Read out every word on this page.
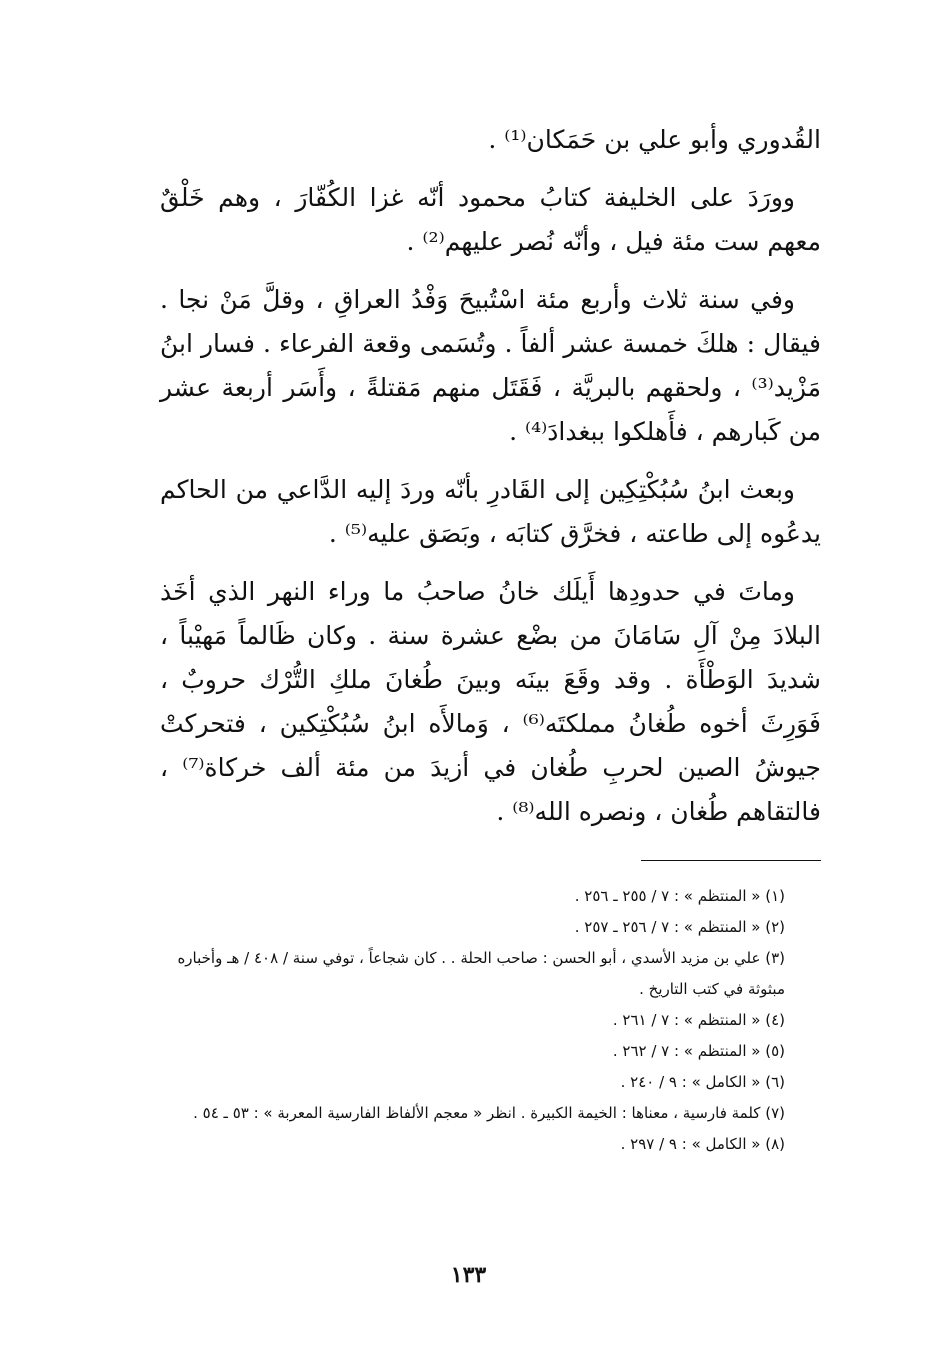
القُدوري وأبو علي بن حَمَكان⁽¹⁾ .

وورَدَ على الخليفة كتابُ محمود أنّه غزا الكُفّارَ ، وهم خَلْقٌ معهم ست مئة فيل ، وأنّه نُصر عليهم⁽²⁾ .

وفي سنة ثلاث وأربع مئة اسْتُبيحَ وَفْدُ العراقِ ، وقلَّ مَنْ نجا . فيقال : هلكَ خمسة عشر ألفاً . وتُسَمى وقعة الفرعاء . فسار ابنُ مَزْيد⁽³⁾ ، ولحقهم بالبريَّة ، فَقَتَل منهم مَقتلةً ، وأَسَر أربعة عشر من كَبارهم ، فأَهلكوا ببغدادَ⁽⁴⁾ .

وبعث ابنُ سُبُكْتِكِين إلى القَادرِ بأنّه وردَ إليه الدَّاعي من الحاكم يدعُوه إلى طاعته ، فخرَّق كتابَه ، وبَصَق عليه⁽⁵⁾ .

وماتَ في حدودِها أَيلَك خانُ صاحبُ ما وراء النهر الذي أخَذ البلادَ مِنْ آلِ سَامَانَ من بضْع عشرة سنة . وكان ظَالماً مَهيْباً ، شديدَ الوَطْأَة . وقد وقَعَ بينَه وبينَ طُغانَ ملكِ التُّرْك حروبٌ ، فَوَرِثَ أخوه طُغانُ مملكتَه⁽⁶⁾ ، وَمالأَه ابنُ سُبُكْتِكين ، فتحركتْ جيوشُ الصين لحربِ طُغان في أزيدَ من مئة ألف خركاة⁽⁷⁾ ، فالتقاهم طُغان ، ونصره الله⁽⁸⁾ .

(١) « المنتظم » : ٧ / ٢٥٥ ـ ٢٥٦ .
(٢) « المنتظم » : ٧ / ٢٥٦ ـ ٢٥٧ .
(٣) علي بن مزيد الأسدي ، أبو الحسن : صاحب الحلة . . كان شجاعاً ، توفي سنة / ٤٠٨ / هـ وأخباره مبثوثة في كتب التاريخ .
(٤) « المنتظم » : ٧ / ٢٦١ .
(٥) « المنتظم » : ٧ / ٢٦٢ .
(٦) « الكامل » : ٩ / ٢٤٠ .
(٧) كلمة فارسية ، معناها : الخيمة الكبيرة . انظر « معجم الألفاظ الفارسية المعربة » : ٥٣ ـ ٥٤ .
(٨) « الكامل » : ٩ / ٢٩٧ .
١٣٣
